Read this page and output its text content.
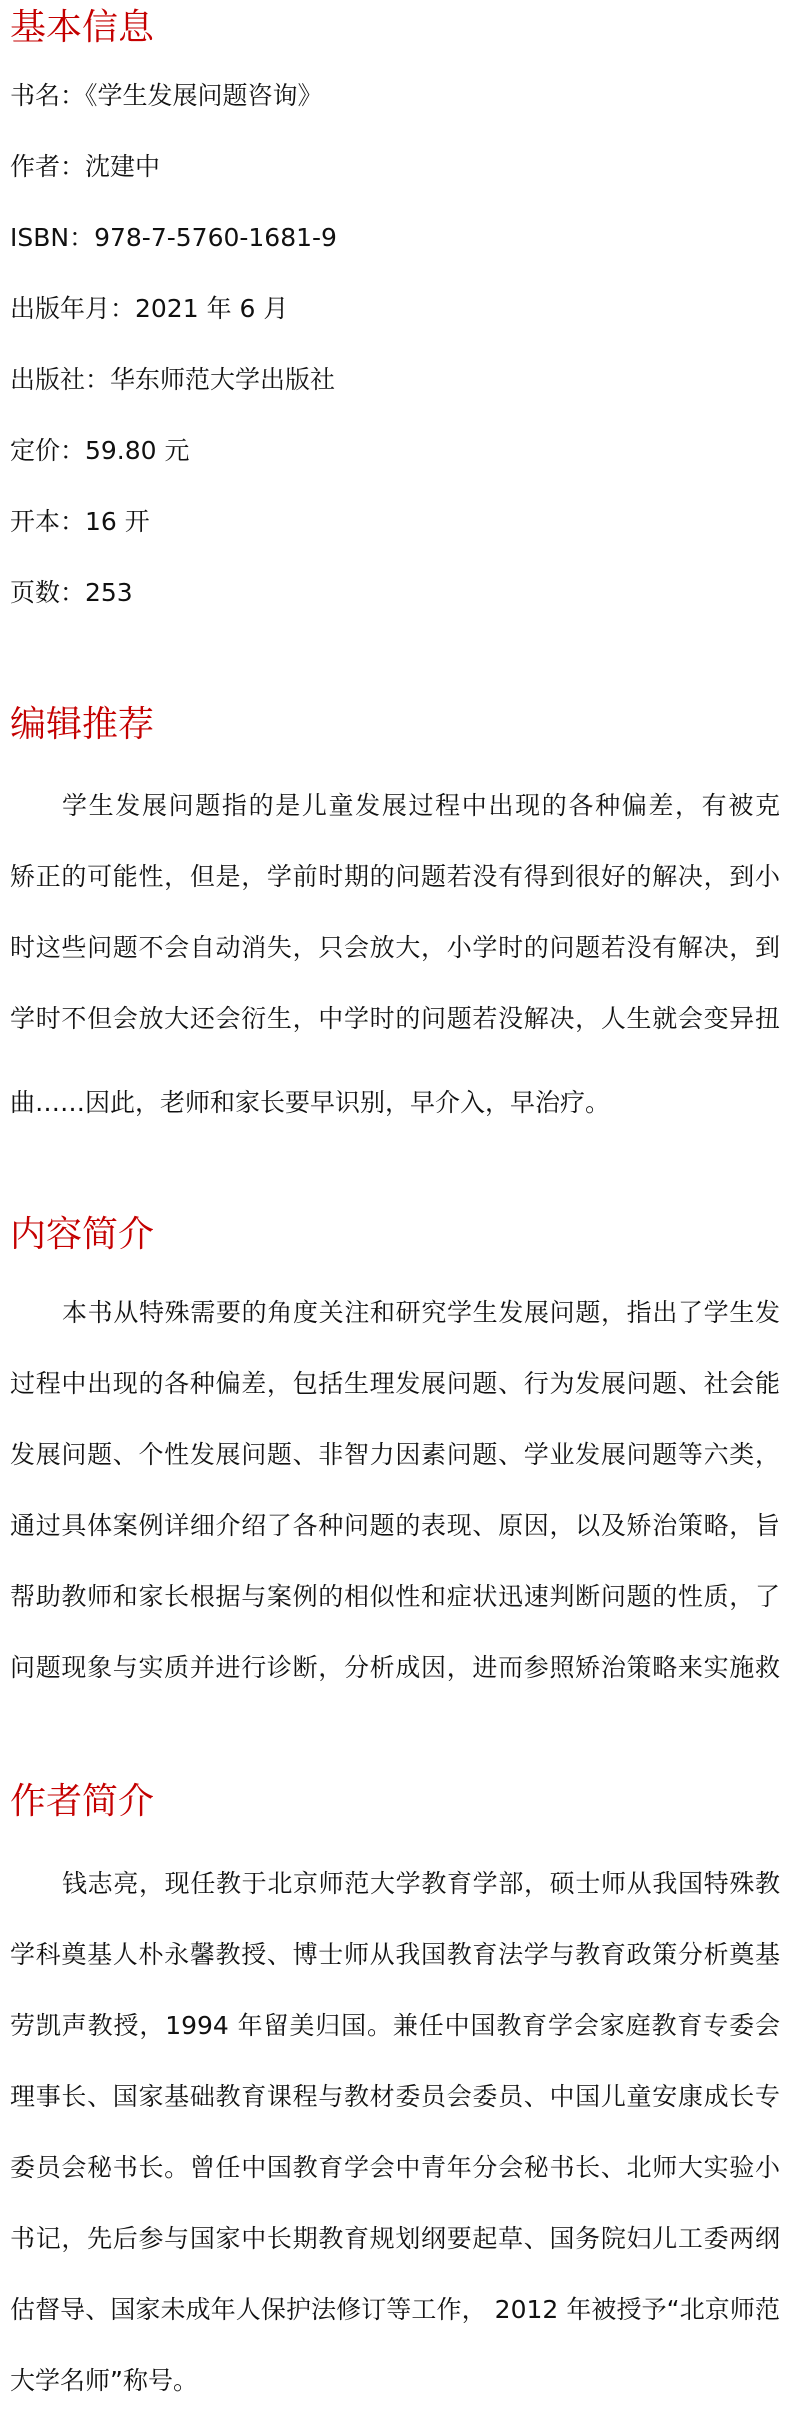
基本信息
书名：《学生发展问题咨询》
作者：沈建中
ISBN：978-7-5760-1681-9
出版年月：2021 年 6 月
出版社：华东师范大学出版社
定价：59.80 元
开本：16 开
页数：253
编辑推荐
学生发展问题指的是儿童发展过程中出现的各种偏差，有被克
矫正的可能性，但是，学前时期的问题若没有得到很好的解决，到小
时这些问题不会自动消失，只会放大，小学时的问题若没有解决，到
学时不但会放大还会衍生，中学时的问题若没解决，人生就会变异扭
曲……因此，老师和家长要早识别，早介入，早治疗。
内容简介
本书从特殊需要的角度关注和研究学生发展问题，指出了学生发
过程中出现的各种偏差，包括生理发展问题、行为发展问题、社会能
发展问题、个性发展问题、非智力因素问题、学业发展问题等六类，
通过具体案例详细介绍了各种问题的表现、原因，以及矫治策略，旨
帮助教师和家长根据与案例的相似性和症状迅速判断问题的性质，了
问题现象与实质并进行诊断，分析成因，进而参照矫治策略来实施救
作者简介
钱志亮，现任教于北京师范大学教育学部，硕士师从我国特殊教
学科奠基人朴永馨教授、博士师从我国教育法学与教育政策分析奠基
劳凯声教授，1994 年留美归国。兼任中国教育学会家庭教育专委会
理事长、国家基础教育课程与教材委员会委员、中国儿童安康成长专
委员会秘书长。曾任中国教育学会中青年分会秘书长、北师大实验小
书记，先后参与国家中长期教育规划纲要起草、国务院妇儿工委两纲
估督导、国家未成年人保护法修订等工作， 2012 年被授予“北京师范
大学名师”称号。
